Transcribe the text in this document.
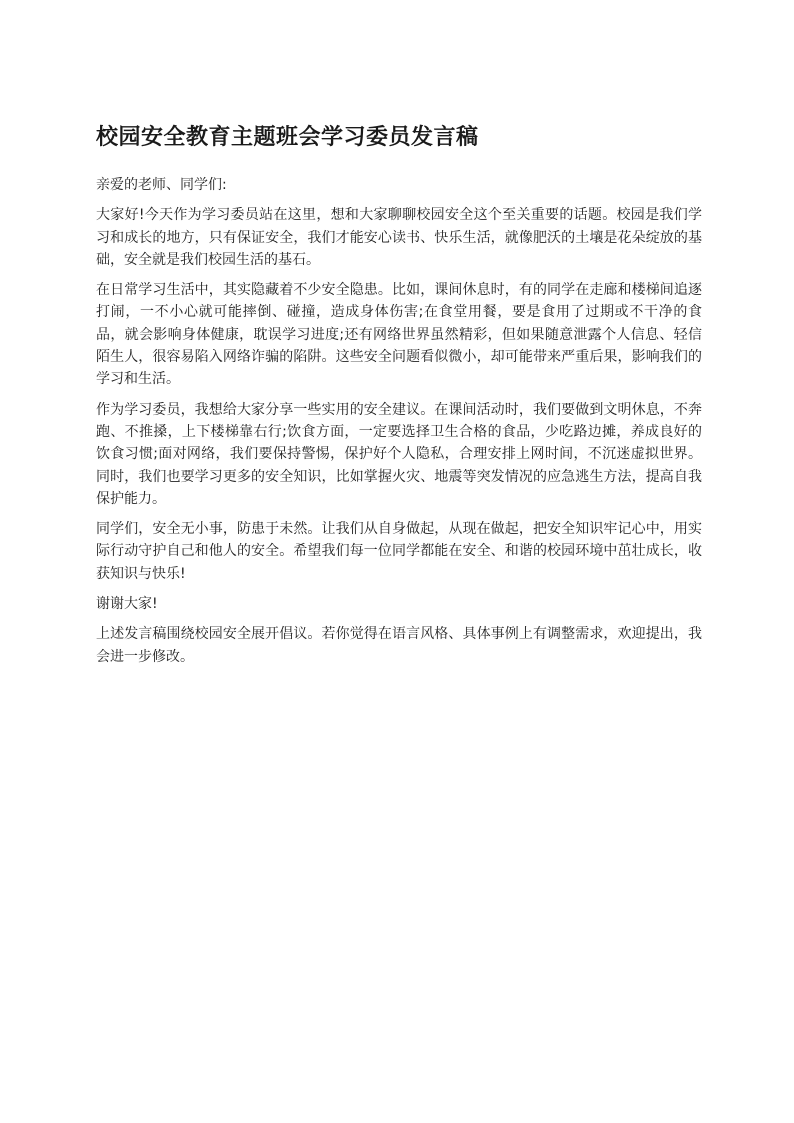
校园安全教育主题班会学习委员发言稿

亲爱的老师、同学们:

大家好!今天作为学习委员站在这里，想和大家聊聊校园安全这个至关重要的话题。校园是我们学习和成长的地方，只有保证安全，我们才能安心读书、快乐生活，就像肥沃的土壤是花朵绽放的基础，安全就是我们校园生活的基石。

在日常学习生活中，其实隐藏着不少安全隐患。比如，课间休息时，有的同学在走廊和楼梯间追逐打闹，一不小心就可能摔倒、碰撞，造成身体伤害;在食堂用餐，要是食用了过期或不干净的食品，就会影响身体健康，耽误学习进度;还有网络世界虽然精彩，但如果随意泄露个人信息、轻信陌生人，很容易陷入网络诈骗的陷阱。这些安全问题看似微小，却可能带来严重后果，影响我们的学习和生活。

作为学习委员，我想给大家分享一些实用的安全建议。在课间活动时，我们要做到文明休息，不奔跑、不推搡，上下楼梯靠右行;饮食方面，一定要选择卫生合格的食品，少吃路边摊，养成良好的饮食习惯;面对网络，我们要保持警惕，保护好个人隐私，合理安排上网时间，不沉迷虚拟世界。同时，我们也要学习更多的安全知识，比如掌握火灾、地震等突发情况的应急逃生方法，提高自我保护能力。

同学们，安全无小事，防患于未然。让我们从自身做起，从现在做起，把安全知识牢记心中，用实际行动守护自己和他人的安全。希望我们每一位同学都能在安全、和谐的校园环境中茁壮成长，收获知识与快乐!

谢谢大家!

上述发言稿围绕校园安全展开倡议。若你觉得在语言风格、具体事例上有调整需求，欢迎提出，我会进一步修改。
